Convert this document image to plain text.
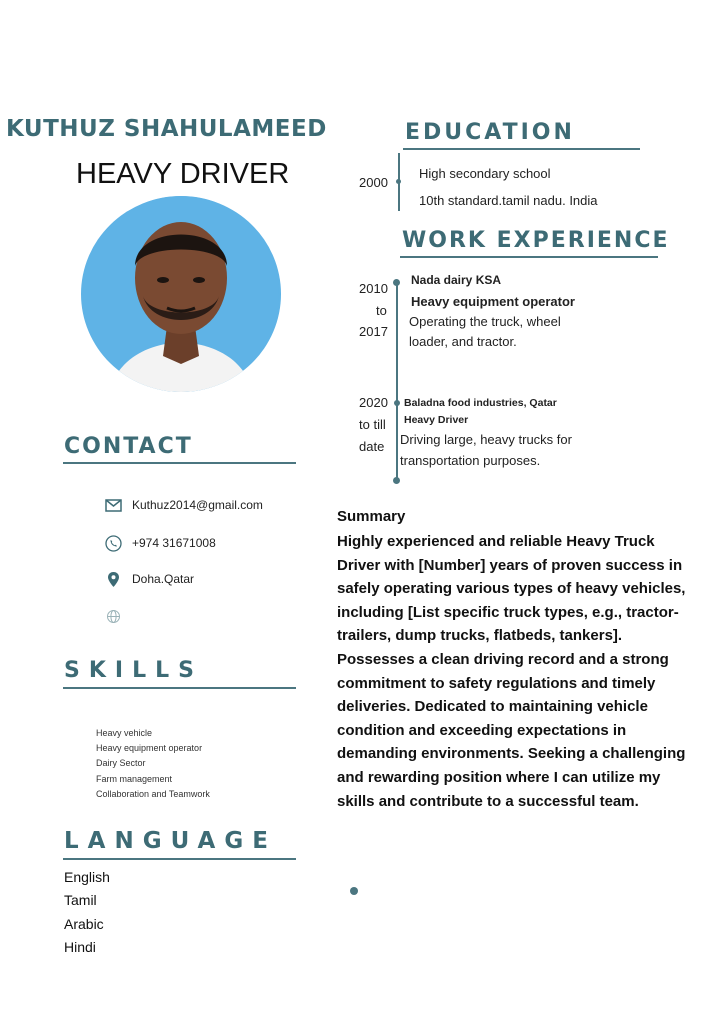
KUTHUZ SHAHULAMEED
HEAVY DRIVER
CONTACT
Kuthuz2014@gmail.com
+974 31671008
Doha.Qatar
SKILLS
Heavy vehicle
Heavy equipment operator
Dairy Sector
Farm management
Collaboration and Teamwork
LANGUAGE
English
Tamil
Arabic
Hindi
EDUCATION
2000
High secondary school
10th standard.tamil nadu. India
WORK EXPERIENCE
2010
to
2017
Nada dairy KSA
Heavy equipment operator
Operating the truck, wheel
loader, and tractor.
2020
to till
date
Baladna food industries, Qatar
Heavy Driver
Driving large, heavy trucks for
transportation purposes.
Summary
Highly experienced and reliable Heavy Truck
Driver with [Number] years of proven success in
safely operating various types of heavy vehicles,
including [List specific truck types, e.g., tractor-
trailers, dump trucks, flatbeds, tankers].
Possesses a clean driving record and a strong
commitment to safety regulations and timely
deliveries. Dedicated to maintaining vehicle
condition and exceeding expectations in
demanding environments. Seeking a challenging
and rewarding position where I can utilize my
skills and contribute to a successful team.
